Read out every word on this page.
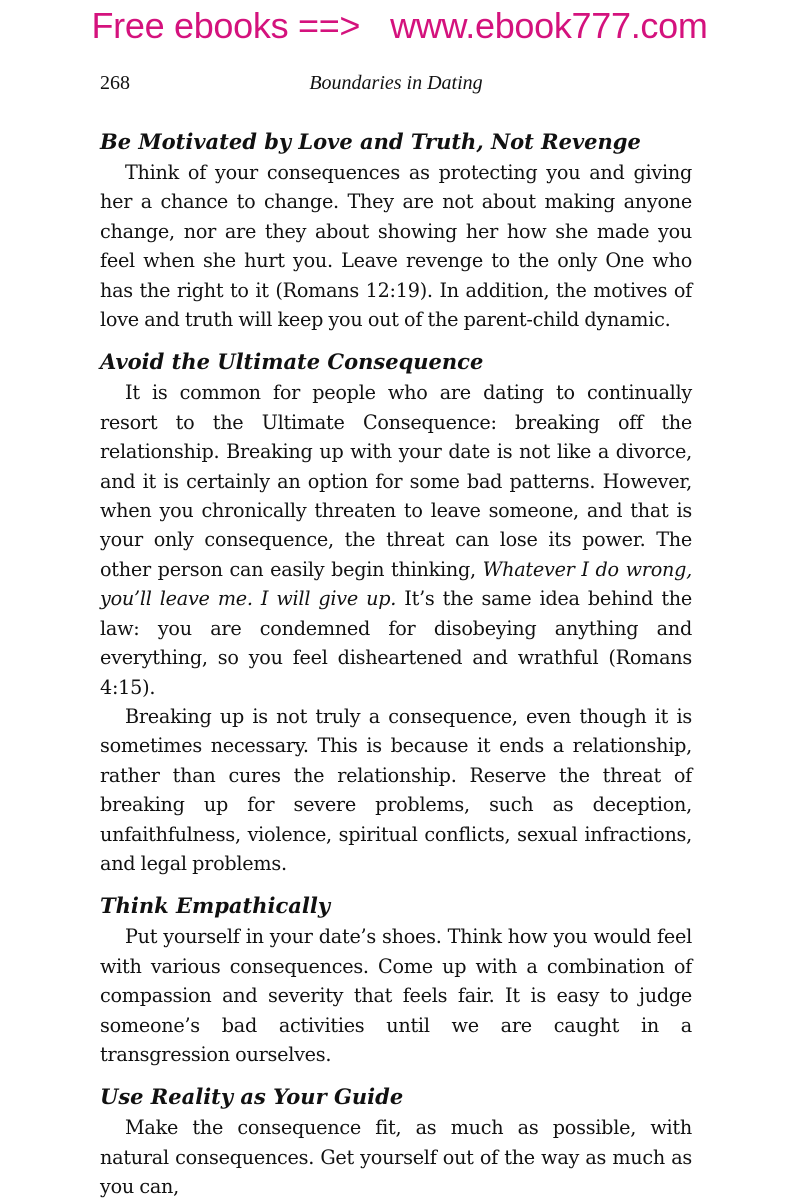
Free ebooks ==> www.ebook777.com
268	Boundaries in Dating
Be Motivated by Love and Truth, Not Revenge

Think of your consequences as protecting you and giving her a chance to change. They are not about making anyone change, nor are they about showing her how she made you feel when she hurt you. Leave revenge to the only One who has the right to it (Romans 12:19). In addition, the motives of love and truth will keep you out of the parent-child dynamic.

Avoid the Ultimate Consequence

It is common for people who are dating to continually resort to the Ultimate Consequence: breaking off the relationship. Breaking up with your date is not like a divorce, and it is certainly an option for some bad patterns. However, when you chronically threaten to leave someone, and that is your only consequence, the threat can lose its power. The other person can easily begin thinking, Whatever I do wrong, you’ll leave me. I will give up. It’s the same idea behind the law: you are condemned for disobeying anything and everything, so you feel disheartened and wrathful (Romans 4:15).

Breaking up is not truly a consequence, even though it is sometimes necessary. This is because it ends a relationship, rather than cures the relationship. Reserve the threat of breaking up for severe problems, such as deception, unfaithfulness, violence, spiritual conflicts, sexual infractions, and legal problems.

Think Empathically

Put yourself in your date’s shoes. Think how you would feel with various consequences. Come up with a combination of compassion and severity that feels fair. It is easy to judge someone’s bad activities until we are caught in a transgression ourselves.

Use Reality as Your Guide

Make the consequence fit, as much as possible, with natural consequences. Get yourself out of the way as much as you can,
